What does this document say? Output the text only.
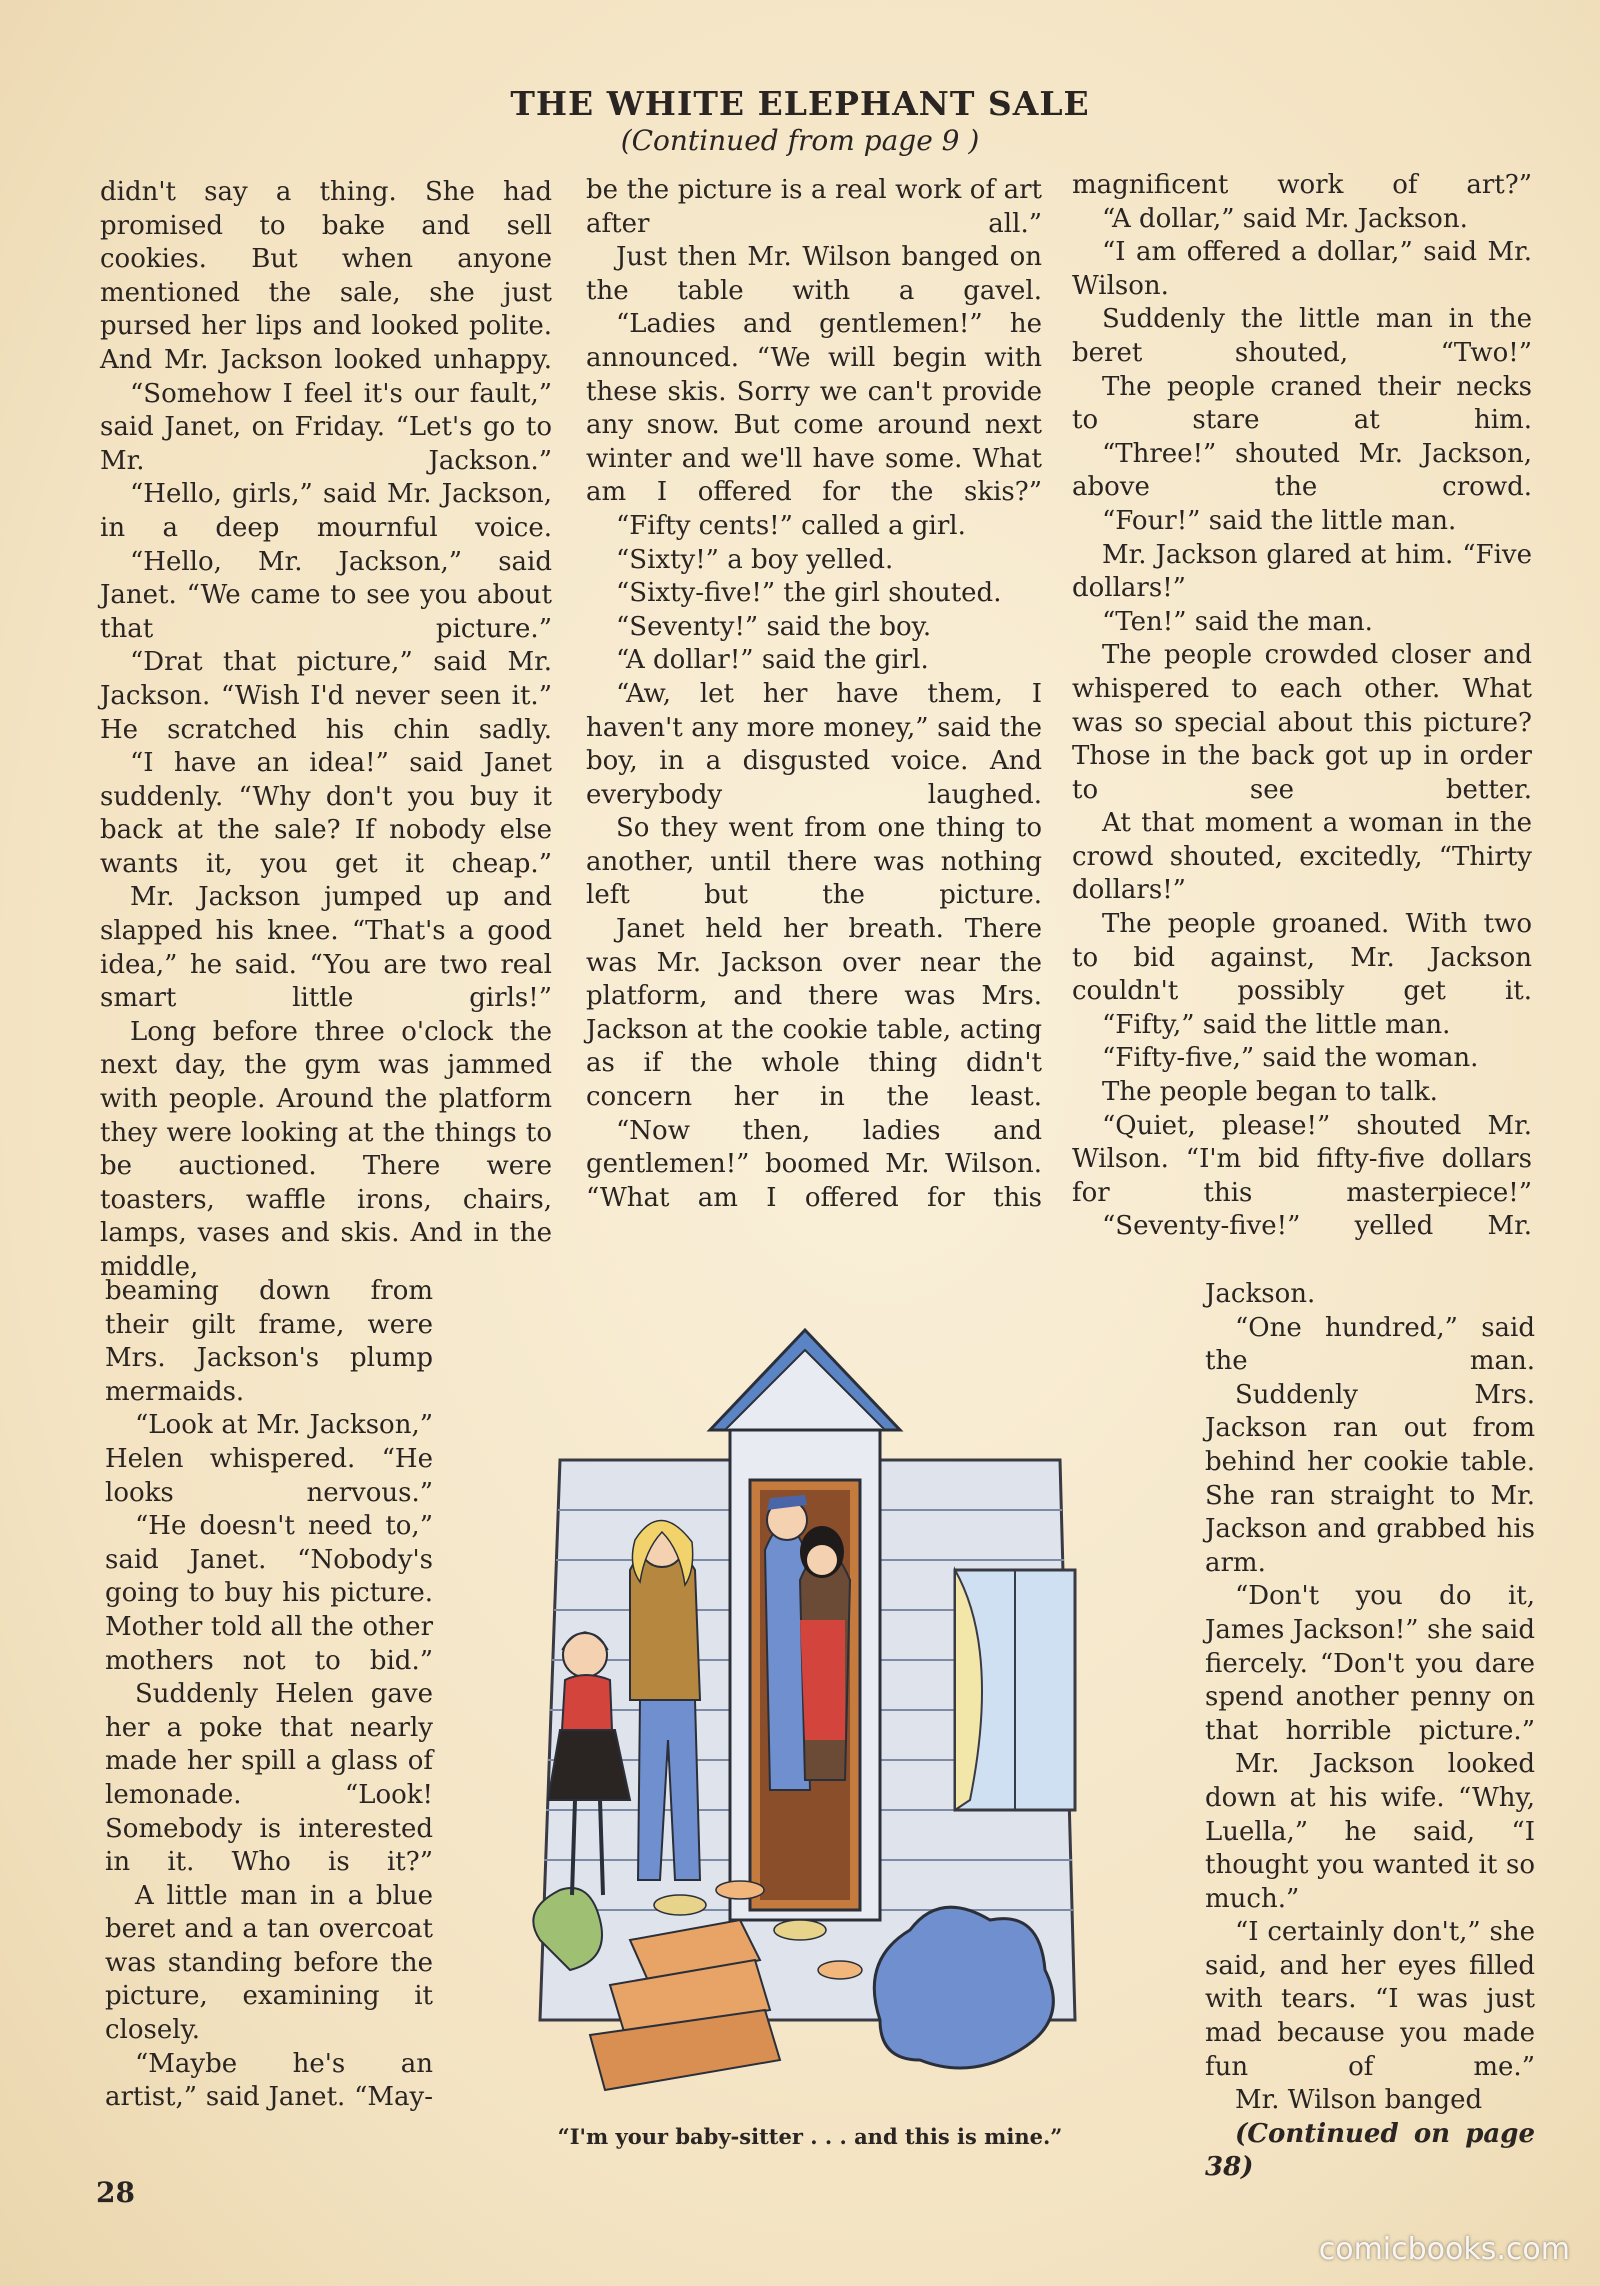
THE WHITE ELEPHANT SALE
(Continued from page 9 )

didn't say a thing. She had promised to bake and sell cookies. But when anyone mentioned the sale, she just pursed her lips and looked polite. And Mr. Jackson looked unhappy.

“Somehow I feel it's our fault,” said Janet, on Friday. “Let's go to Mr. Jackson.”

“Hello, girls,” said Mr. Jackson, in a deep mournful voice.

“Hello, Mr. Jackson,” said Janet. “We came to see you about that picture.”

“Drat that picture,” said Mr. Jackson. “Wish I'd never seen it.” He scratched his chin sadly.

“I have an idea!” said Janet suddenly. “Why don't you buy it back at the sale? If nobody else wants it, you get it cheap.”

Mr. Jackson jumped up and slapped his knee. “That's a good idea,” he said. “You are two real smart little girls!”

Long before three o'clock the next day, the gym was jammed with people. Around the platform they were looking at the things to be auctioned. There were toasters, waffle irons, chairs, lamps, vases and skis. And in the middle,

beaming down from their gilt frame, were Mrs. Jackson's plump mermaids.

“Look at Mr. Jackson,” Helen whispered. “He looks nervous.”

“He doesn't need to,” said Janet. “Nobody's going to buy his picture. Mother told all the other mothers not to bid.”

Suddenly Helen gave her a poke that nearly made her spill a glass of lemonade. “Look! Somebody is interested in it. Who is it?”

A little man in a blue beret and a tan overcoat was standing before the picture, examining it closely.

“Maybe he's an artist,” said Janet. “May-

be the picture is a real work of art after all.”

Just then Mr. Wilson banged on the table with a gavel.

“Ladies and gentlemen!” he announced. “We will begin with these skis. Sorry we can't provide any snow. But come around next winter and we'll have some. What am I offered for the skis?”

“Fifty cents!” called a girl.

“Sixty!” a boy yelled.

“Sixty-five!” the girl shouted.

“Seventy!” said the boy.

“A dollar!” said the girl.

“Aw, let her have them, I haven't any more money,” said the boy, in a disgusted voice. And everybody laughed.

So they went from one thing to another, until there was nothing left but the picture.

Janet held her breath. There was Mr. Jackson over near the platform, and there was Mrs. Jackson at the cookie table, acting as if the whole thing didn't concern her in the least.

“Now then, ladies and gentlemen!” boomed Mr. Wilson. “What am I offered for this

magnificent work of art?”

“A dollar,” said Mr. Jackson.

“I am offered a dollar,” said Mr. Wilson.

Suddenly the little man in the beret shouted, “Two!”

The people craned their necks to stare at him.

“Three!” shouted Mr. Jackson, above the crowd.

“Four!” said the little man.

Mr. Jackson glared at him. “Five dollars!”

“Ten!” said the man.

The people crowded closer and whispered to each other. What was so special about this picture? Those in the back got up in order to see better.

At that moment a woman in the crowd shouted, excitedly, “Thirty dollars!”

The people groaned. With two to bid against, Mr. Jackson couldn't possibly get it.

“Fifty,” said the little man.

“Fifty-five,” said the woman.

The people began to talk.

“Quiet, please!” shouted Mr. Wilson. “I'm bid fifty-five dollars for this masterpiece!”

“Seventy-five!” yelled Mr.

Jackson.

“One hundred,” said the man.

Suddenly Mrs. Jackson ran out from behind her cookie table. She ran straight to Mr. Jackson and grabbed his arm.

“Don't you do it, James Jackson!” she said fiercely. “Don't you dare spend another penny on that horrible picture.”

Mr. Jackson looked down at his wife. “Why, Luella,” he said, “I thought you wanted it so much.”

“I certainly don't,” she said, and her eyes filled with tears. “I was just mad because you made fun of me.”

Mr. Wilson banged

(Continued on page 38)

“I'm your baby-sitter . . . and this is mine.”
28
comicbooks.com
